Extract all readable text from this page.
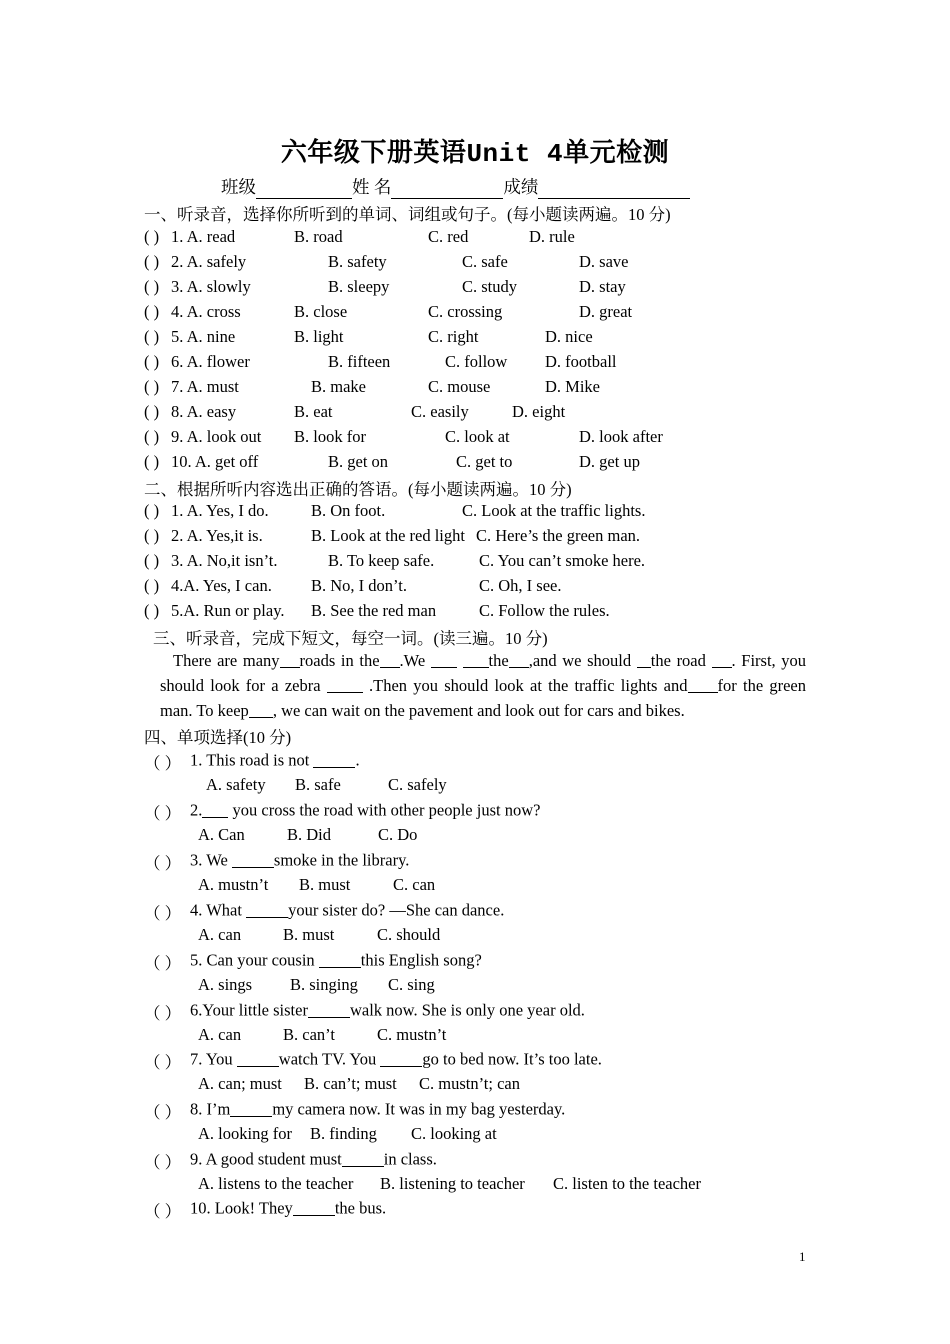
六年级下册英语Unit 4单元检测
班级	姓 名	成绩
一、听录音，选择你所听到的单词、词组或句子。(每小题读两遍。10 分)
( ) 1. A. read	B. road	C. red	D. rule
( ) 2. A. safely	B. safety	C. safe	D. save
( ) 3. A. slowly	B. sleepy	C. study	D. stay
( ) 4. A. cross	B. close	C. crossing	D. great
( ) 5. A. nine	B. light	C. right	D. nice
( ) 6. A. flower	B. fifteen	C. follow D. football
( ) 7. A. must	B. make	C. mouse	D. Mike
( ) 8. A. easy	B. eat	C. easily	D. eight
( ) 9. A. look out B. look for	C. look at	D. look after
( ) 10. A. get off	B. get on	C. get to	D. get up
二、根据所听内容选出正确的答语。(每小题读两遍。10 分)
( ) 1. A. Yes, I do.	B. On foot.	C. Look at the traffic lights.
( ) 2. A. Yes,it is.	B. Look at the red light C. Here’s the green man.
( ) 3. A. No,it isn’t.	B. To keep safe.	C. You can’t smoke here.
( ) 4.A. Yes, I can. B. No, I don’t.	C. Oh, I see.
( ) 5.A. Run or play. B. See the red man	C. Follow the rules.
三、听录音，完成下短文，每空一词。(读三遍。10 分)
There are many roads in the .We	the ,and we should the road . First, you should look for a zebra	.Then you should look at the traffic lights and for the green man. To keep , we can wait on the pavement and look out for cars and bikes.
四、单项选择(10 分)
（ ） 1. This road is not	.
A. safety B. safe	C. safely
（ ） 2. you cross the road with other people just now?
A. Can	B. Did	C. Do
（ ） 3. We	smoke in the library.
A. mustn’t B. must	C. can
（ ） 4. What	your sister do? —She can dance.
A. can	B. must	C. should
（ ） 5. Can your cousin	this English song?
A. sings B. singing C. sing
（ ） 6.Your little sister	walk now. She is only one year old.
A. can	B. can’t	C. mustn’t
（ ） 7. You	watch TV. You	go to bed now. It’s too late.
A. can; must B. can’t; must C. mustn’t; can
（ ） 8. I’m	my camera now. It was in my bag yesterday.
A. looking for B. finding C. looking at
（ ） 9. A good student must	in class.
A. listens to the teacher B. listening to teacher C. listen to the teacher
（ ） 10. Look! They	the bus.
1
